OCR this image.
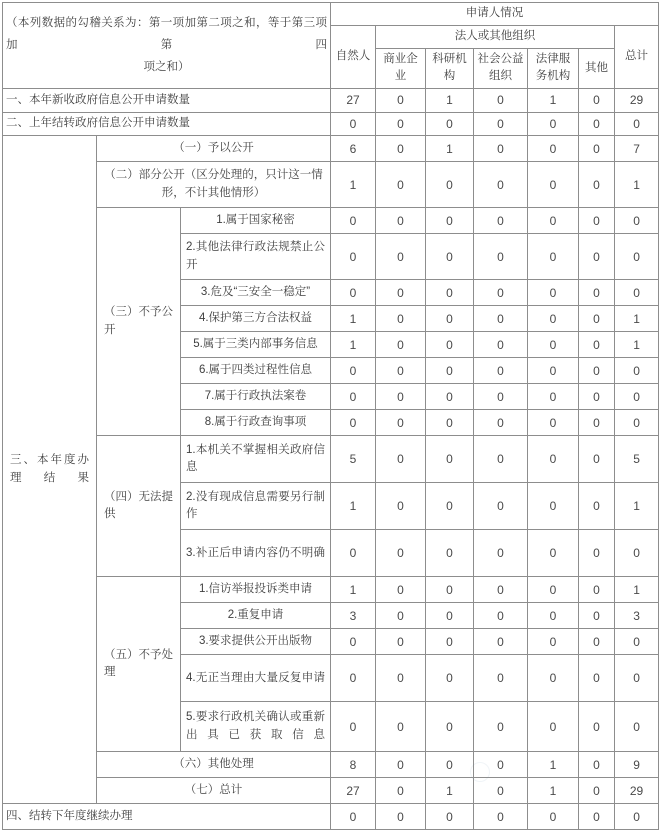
（本列数据的勾稽关系为：第一项加第二项之和，等于第三项加第四
项之和）			申请人情况						
			自然人	法人或其他组织					总计
				商业企业	科研机构	社会公益组织	法律服务机构	其他	
一、本年新收政府信息公开申请数量			27	0	1	0	1	0	29
二、上年结转政府信息公开申请数量			0	0	0	0	0	0	0

三、本年度办理结果	（一）予以公开		6	0	1	0	0	0	7
	（二）部分公开（区分处理的，只计这一情形，不计其他情形）		1	0	0	0	0	0	1

	（三）不予公开	1.属于国家秘密	0	0	0	0	0	0	0

		2.其他法律行政法规禁止公开	0	0	0	0	0	0	0
		3.危及“三安全一稳定”	0	0	0	0	0	0	0
		4.保护第三方合法权益	1	0	0	0	0	0	1
		5.属于三类内部事务信息	1	0	0	0	0	0	1
		6.属于四类过程性信息	0	0	0	0	0	0	0
		7.属于行政执法案卷	0	0	0	0	0	0	0
		8.属于行政查询事项	0	0	0	0	0	0	0

	（四）无法提供	1.本机关不掌握相关政府信息	5	0	0	0	0	0	5

		2.没有现成信息需要另行制作	1	0	0	0	0	0	1

		3.补正后申请内容仍不明确	0	0	0	0	0	0	0

	（五）不予处理	1.信访举报投诉类申请	1	0	0	0	0	0	1
		2.重复申请	3	0	0	0	0	0	3
		3.要求提供公开出版物	0	0	0	0	0	0	0

		4.无正当理由大量反复申请	0	0	0	0	0	0	0

		5.要求行政机关确认或重新出具已获取信息	0	0	0	0	0	0	0
	（六）其他处理		8	0	0	0	1	0	9
	（七）总计		27	0	1	0	1	0	29
四、结转下年度继续办理			0	0	0	0	0	0	0
